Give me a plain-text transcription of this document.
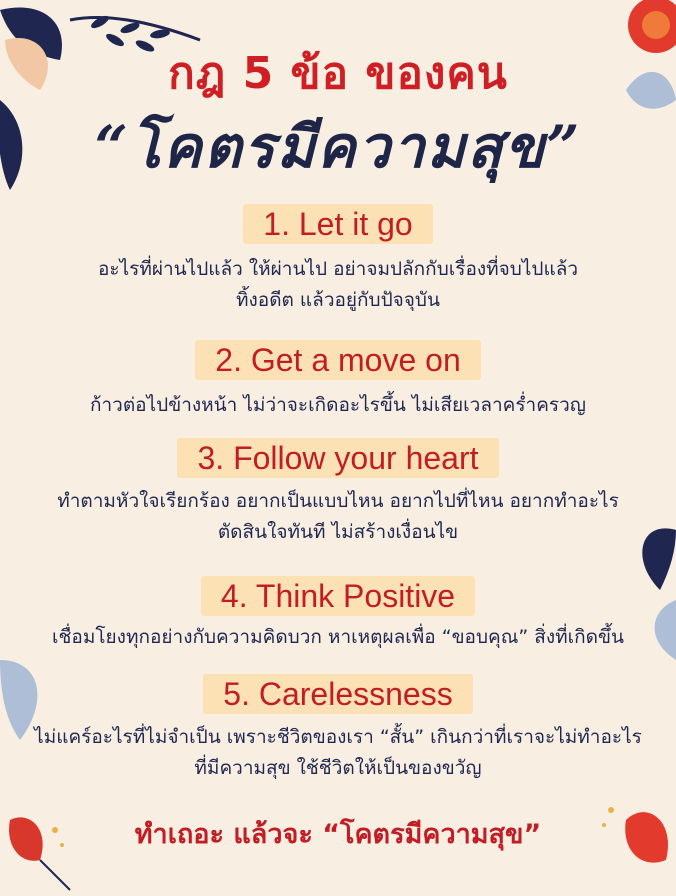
กฎ 5 ข้อ ของคน
“โคตรมีความสุข”
1. Let it go
อะไรที่ผ่านไปแล้ว ให้ผ่านไป อย่าจมปลักกับเรื่องที่จบไปแล้ว
ทิ้งอดีต แล้วอยู่กับปัจจุบัน
2. Get a move on
ก้าวต่อไปข้างหน้า ไม่ว่าจะเกิดอะไรขึ้น ไม่เสียเวลาคร่ำครวญ
3. Follow your heart
ทำตามหัวใจเรียกร้อง อยากเป็นแบบไหน อยากไปที่ไหน อยากทำอะไร
ตัดสินใจทันที ไม่สร้างเงื่อนไข
4. Think Positive
เชื่อมโยงทุกอย่างกับความคิดบวก หาเหตุผลเพื่อ “ขอบคุณ” สิ่งที่เกิดขึ้น
5. Carelessness
ไม่แคร์อะไรที่ไม่จำเป็น เพราะชีวิตของเรา “สั้น” เกินกว่าที่เราจะไม่ทำอะไร
ที่มีความสุข ใช้ชีวิตให้เป็นของขวัญ
ทำเถอะ แล้วจะ “โคตรมีความสุข”
